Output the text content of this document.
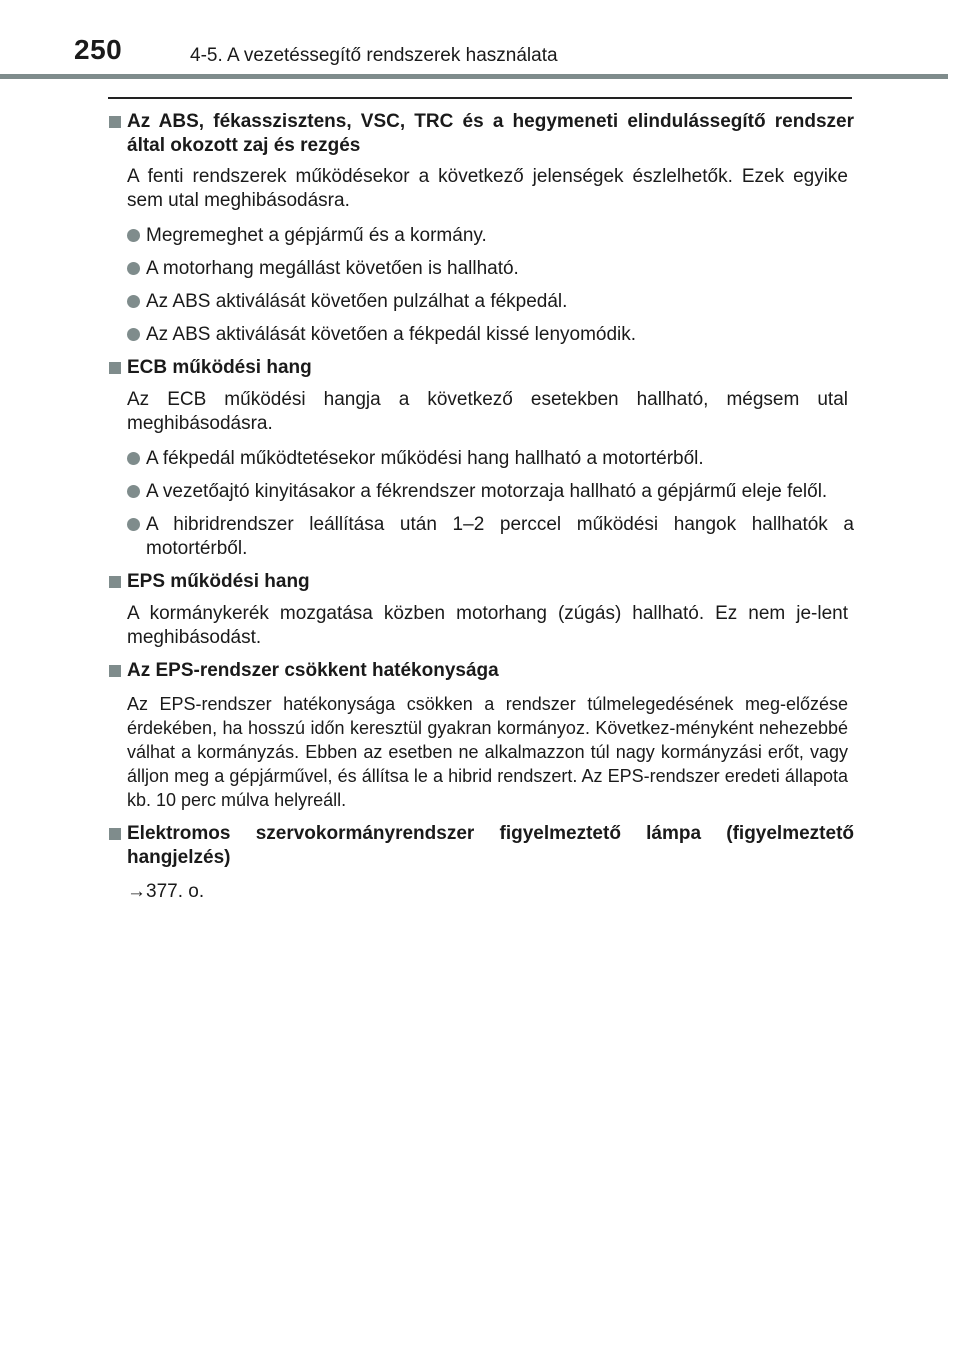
250	4-5. A vezetéssegítő rendszerek használata
Az ABS, fékasszisztens, VSC, TRC és a hegymeneti elindulássegítő rendszer által okozott zaj és rezgés
A fenti rendszerek működésekor a következő jelenségek észlelhetők. Ezek egyike sem utal meghibásodásra.
Megremeghet a gépjármű és a kormány.
A motorhang megállást követően is hallható.
Az ABS aktiválását követően pulzálhat a fékpedál.
Az ABS aktiválását követően a fékpedál kissé lenyomódik.
ECB működési hang
Az ECB működési hangja a következő esetekben hallható, mégsem utal meghibásodásra.
A fékpedál működtetésekor működési hang hallható a motortérből.
A vezetőajtó kinyitásakor a fékrendszer motorzaja hallható a gépjármű eleje felől.
A hibridrendszer leállítása után 1–2 perccel működési hangok hallhatók a motortérből.
EPS működési hang
A kormánykerék mozgatása közben motorhang (zúgás) hallható. Ez nem je-lent meghibásodást.
Az EPS-rendszer csökkent hatékonysága
Az EPS-rendszer hatékonysága csökken a rendszer túlmelegedésének meg-előzése érdekében, ha hosszú időn keresztül gyakran kormányoz. Következ-ményként nehezebbé válhat a kormányzás. Ebben az esetben ne alkalmazzon túl nagy kormányzási erőt, vagy álljon meg a gépjárművel, és állítsa le a hibrid rendszert. Az EPS-rendszer eredeti állapota kb. 10 perc múlva helyreáll.
Elektromos szervokormányrendszer figyelmeztető lámpa (figyelmeztető hangjelzés)
→377. o.
